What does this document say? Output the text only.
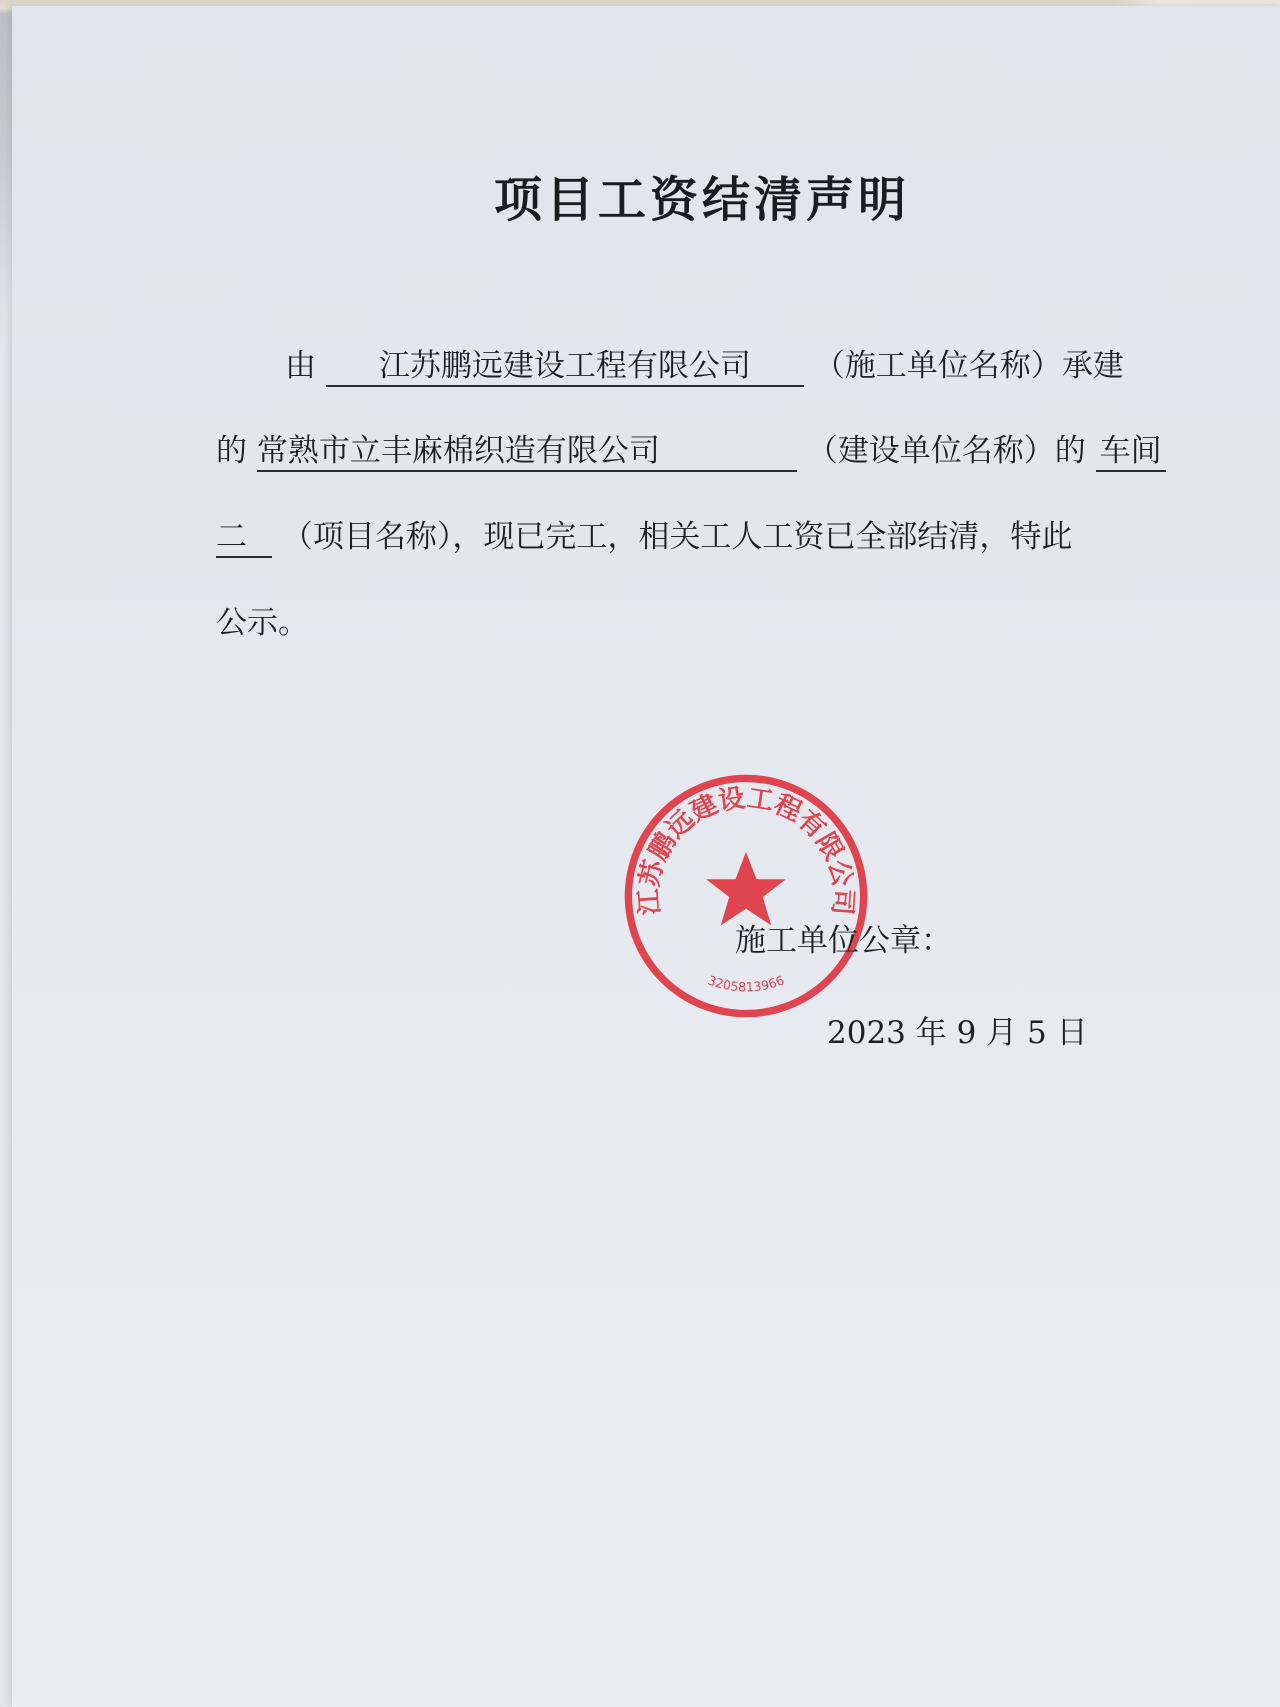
项目工资结清声明
由 江苏鹏远建设工程有限公司 （施工单位名称）承建
的 常熟市立丰麻棉织造有限公司	（建设单位名称）的 车间
二 （项目名称），现已完工，相关工人工资已全部结清，特此
公示。
江苏鹏远建设工程有限公司
3205813966
施工单位公章：
2023 年 9 月 5 日
